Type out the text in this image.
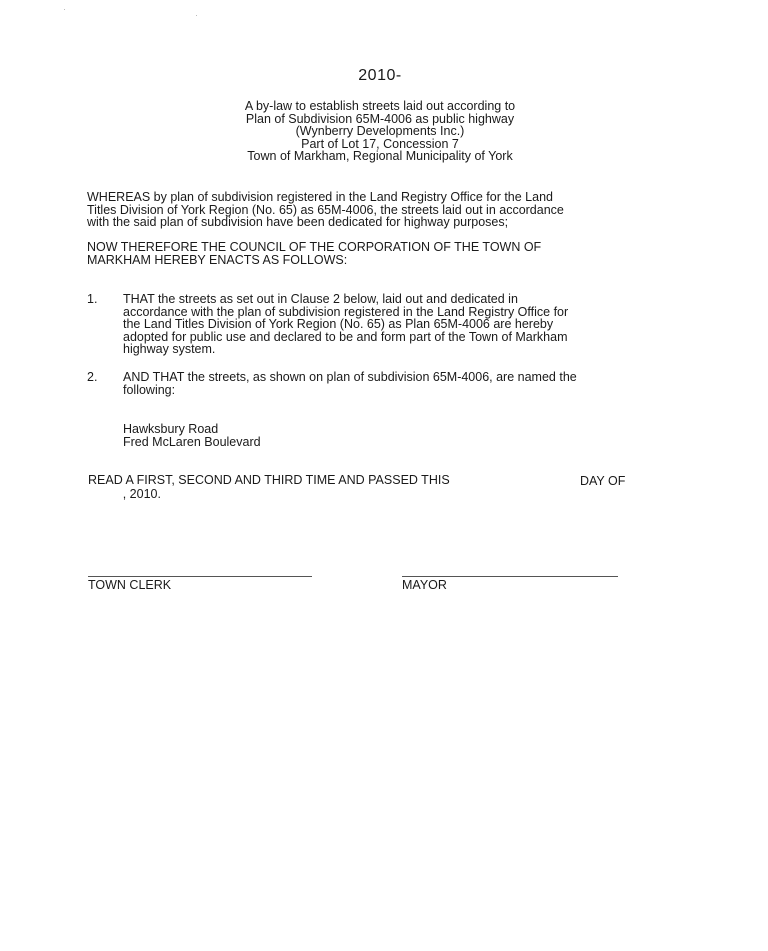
2010-
A by-law to establish streets laid out according to
Plan of Subdivision 65M-4006 as public highway
(Wynberry Developments Inc.)
Part of Lot 17, Concession 7
Town of Markham, Regional Municipality of York
WHEREAS by plan of subdivision registered in the Land Registry Office for the Land
Titles Division of York Region (No. 65) as 65M-4006, the streets laid out in accordance
with the said plan of subdivision have been dedicated for highway purposes;
NOW THEREFORE THE COUNCIL OF THE CORPORATION OF THE TOWN OF
MARKHAM HEREBY ENACTS AS FOLLOWS:
1. THAT the streets as set out in Clause 2 below, laid out and dedicated in
accordance with the plan of subdivision registered in the Land Registry Office for
the Land Titles Division of York Region (No. 65) as Plan 65M-4006 are hereby
adopted for public use and declared to be and form part of the Town of Markham
highway system.
2. AND THAT the streets, as shown on plan of subdivision 65M-4006, are named the
following:
Hawksbury Road
Fred McLaren Boulevard
READ A FIRST, SECOND AND THIRD TIME AND PASSED THIS
, 2010.
DAY OF
TOWN CLERK	MAYOR
